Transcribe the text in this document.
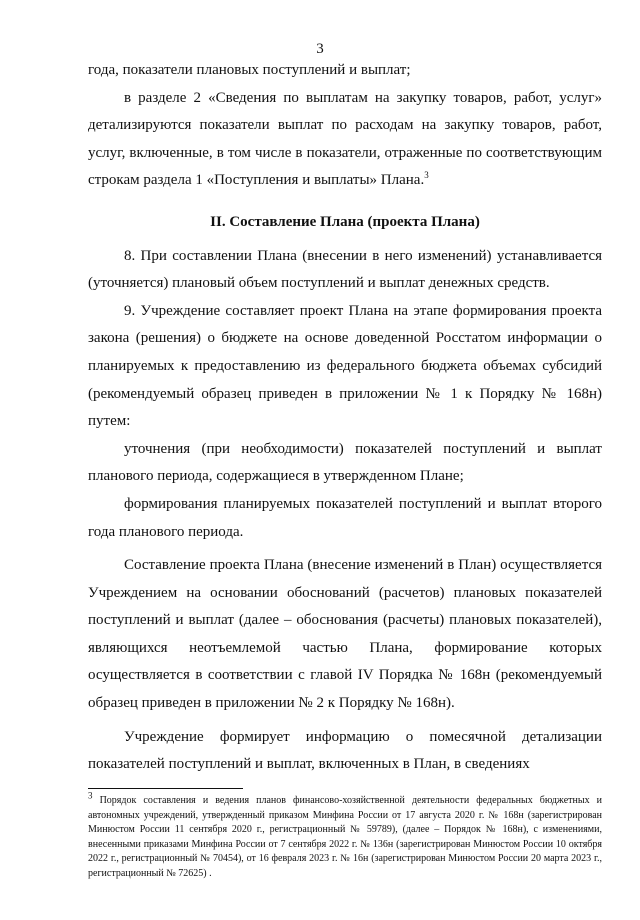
3

года, показатели плановых поступлений и выплат;

в разделе 2 «Сведения по выплатам на закупку товаров, работ, услуг» детализируются показатели выплат по расходам на закупку товаров, работ, услуг, включенные, в том числе в показатели, отраженные по соответствующим строкам раздела 1 «Поступления и выплаты» Плана.$^3$

II. Составление Плана (проекта Плана)

8. При составлении Плана (внесении в него изменений) устанавливается (уточняется) плановый объем поступлений и выплат денежных средств.

9. Учреждение составляет проект Плана на этапе формирования проекта закона (решения) о бюджете на основе доведенной Росстатом информации о планируемых к предоставлению из федерального бюджета объемах субсидий (рекомендуемый образец приведен в приложении № 1 к Порядку № 168н) путем:

уточнения (при необходимости) показателей поступлений и выплат планового периода, содержащиеся в утвержденном Плане;

формирования планируемых показателей поступлений и выплат второго года планового периода.

Составление проекта Плана (внесение изменений в План) осуществляется Учреждением на основании обоснований (расчетов) плановых показателей поступлений и выплат (далее – обоснования (расчеты) плановых показателей), являющихся неотъемлемой частью Плана, формирование которых осуществляется в соответствии с главой IV Порядка № 168н (рекомендуемый образец приведен в приложении № 2 к Порядку № 168н).

Учреждение формирует информацию о помесячной детализации показателей поступлений и выплат, включенных в План, в сведениях

$^3$ Порядок составления и ведения планов финансово-хозяйственной деятельности федеральных бюджетных и автономных учреждений, утвержденный приказом Минфина России от 17 августа 2020 г. № 168н (зарегистрирован Минюстом России 11 сентября 2020 г., регистрационный № 59789), (далее – Порядок № 168н), с изменениями, внесенными приказами Минфина России от 7 сентября 2022 г. № 136н (зарегистрирован Минюстом России 10 октября 2022 г., регистрационный № 70454), от 16 февраля 2023 г. № 16н (зарегистрирован Минюстом России 20 марта 2023 г., регистрационный № 72625) .
